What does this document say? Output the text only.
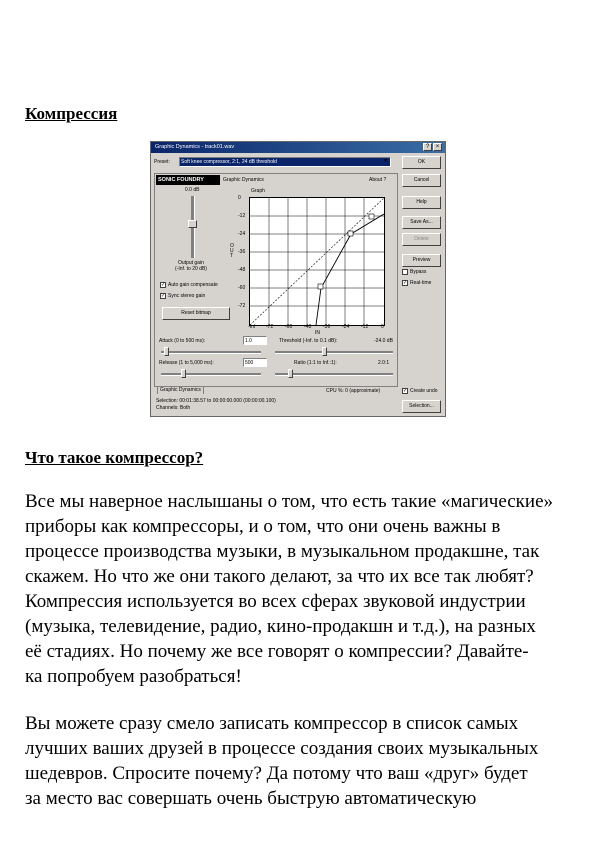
Компрессия
Graphic Dynamics - track01.wav	?	×
Preset:	Soft knee compressor, 2:1, 24 dB threshold	▾	OK
Cancel
Help
Save As...
Delete
Preview
Bypass
✓ Real-time
SONIC FOUNDRY	Graphic Dynamics	About ?
0.0 dB
Output gain
(-Inf. to 20 dB)
✓ Auto gain compensate
✓ Sync stereo gain
Reset bitmap
Graph
O U T
IN
0
-12
-24
-36
-48
-60
-72
-Inf -72 -60 -48 -36 -24 -12	0
Attack (0 to 500 ms):	1.0	Threshold (-Inf. to 0.1 dB):	-24.0 dB
Release (1 to 5,000 ms):	500	Ratio (1:1 to Inf.:1):	2.0:1
Graphic Dynamics	CPU %: 0 (approximate)	✓ Create undo
Selection: 00:01:38.57 to 00:00:00.000 (00:00:00.100)
Channels: Both	Selection...
Что такое компрессор?
Все мы наверное наслышаны о том, что есть такие «магические»
приборы как компрессоры, и о том, что они очень важны в
процессе производства музыки, в музыкальном продакшне, так
скажем. Но что же они такого делают, за что их все так любят?
Компрессия используется во всех сферах звуковой индустрии
(музыка, телевидение, радио, кино-продакшн и т.д.), на разных
её стадиях. Но почему же все говорят о компрессии? Давайте-
ка попробуем разобраться!
Вы можете сразу смело записать компрессор в список самых
лучших ваших друзей в процессе создания своих музыкальных
шедевров. Спросите почему? Да потому что ваш «друг» будет
за место вас совершать очень быструю автоматическую
